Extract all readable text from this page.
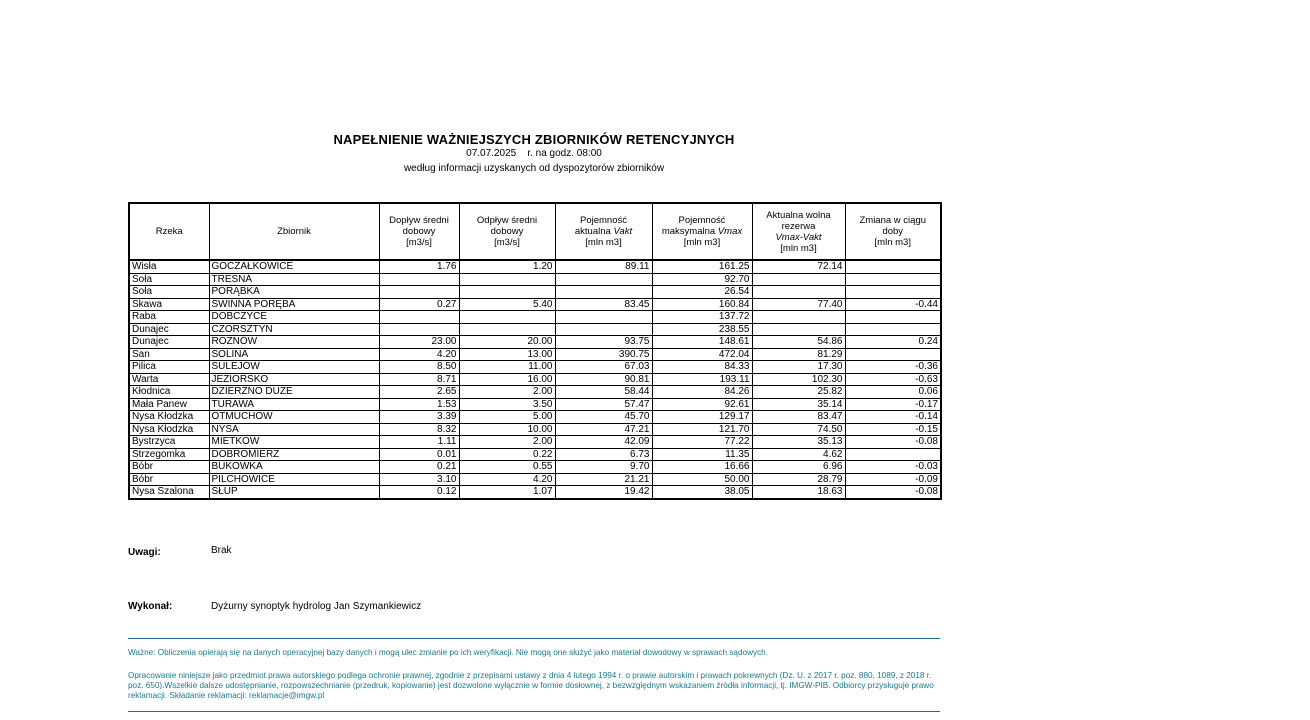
NAPEŁNIENIE WAŻNIEJSZYCH ZBIORNIKÓW RETENCYJNYCH

07.07.2025    r. na godz. 08:00

według informacji uzyskanych od dyspozytorów zbiorników

Rzeka	Zbiornik	Dopływ średni
dobowy
[m3/s]	Odpływ średni
dobowy
[m3/s]	Pojemność
aktualna Vakt
[mln m3]	Pojemność
maksymalna Vmax
[mln m3]	Aktualna wolna
rezerwa
Vmax-Vakt
[mln m3]	Zmiana w ciągu
doby
[mln m3]
Wisła	GOCZAŁKOWICE	1.76	1.20	89.11	161.25	72.14	
Soła	TRESNA				92.70		
Soła	PORĄBKA				26.54		
Skawa	ŚWINNA PORĘBA	0.27	5.40	83.45	160.84	77.40	-0.44
Raba	DOBCZYCE				137.72		
Dunajec	CZORSZTYN				238.55		
Dunajec	ROŻNÓW	23.00	20.00	93.75	148.61	54.86	0.24
San	SOLINA	4.20	13.00	390.75	472.04	81.29	
Pilica	SULEJÓW	8.50	11.00	67.03	84.33	17.30	-0.36
Warta	JEZIORSKO	8.71	16.00	90.81	193.11	102.30	-0.63
Kłodnica	DZIERŻNO DUŻE	2.65	2.00	58.44	84.26	25.82	0.06
Mała Panew	TURAWA	1.53	3.50	57.47	92.61	35.14	-0.17
Nysa Kłodzka	OTMUCHÓW	3.39	5.00	45.70	129.17	83.47	-0.14
Nysa Kłodzka	NYSA	8.32	10.00	47.21	121.70	74.50	-0.15
Bystrzyca	MIETKÓW	1.11	2.00	42.09	77.22	35.13	-0.08
Strzegomka	DOBROMIERZ	0.01	0.22	6.73	11.35	4.62	
Bóbr	BUKÓWKA	0.21	0.55	9.70	16.66	6.96	-0.03
Bóbr	PILCHOWICE	3.10	4.20	21.21	50.00	28.79	-0.09
Nysa Szalona	SŁUP	0.12	1.07	19.42	38.05	18.63	-0.08
Uwagi:	Brak
Wykonał:	Dyżurny synoptyk hydrolog Jan Szymankiewicz
Ważne: Obliczenia opierają się na danych operacyjnej bazy danych i mogą ulec zmianie po ich weryfikacji. Nie mogą one służyć jako materiał dowodowy w sprawach sądowych.
Opracowanie niniejsze jako przedmiot prawa autorskiego podlega ochronie prawnej, zgodnie z przepisami ustawy z dnia 4 lutego 1994 r. o prawie autorskim i prawach pokrewnych (Dz. U. z 2017 r. poz. 880, 1089, z 2018 r. poz. 650).Wszelkie dalsze udostępnianie, rozpowszechnianie (przedruk, kopiowanie) jest dozwolone wyłącznie w formie dosłownej, z bezwzględnym wskazaniem źródła informacji, tj. IMGW-PIB. Odbiorcy przysługuje prawo reklamacji. Składanie reklamacji: reklamacje@imgw.pl
